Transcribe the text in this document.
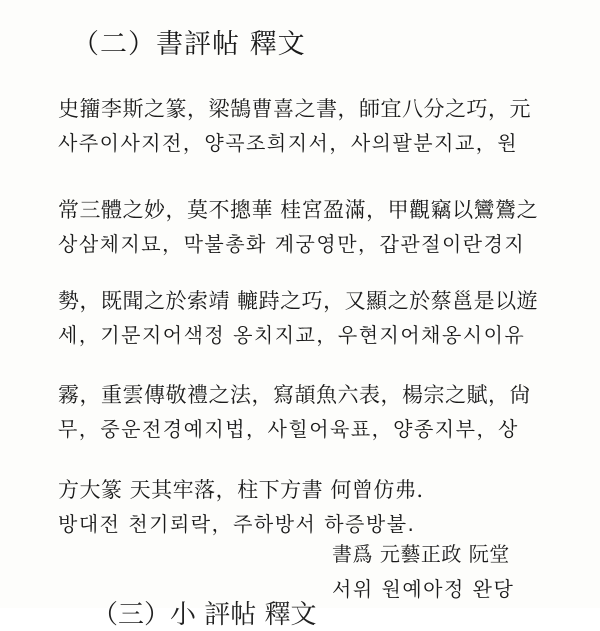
（二）書評帖 釋文
史籒李斯之篆，梁鵠曹喜之書，師宜八分之巧，元
사주이사지전，양곡조희지서，사의팔분지교，원
常三體之妙，莫不摠華 桂宮盈滿，甲觀竊以鸞鷟之
상삼체지묘，막불총화 계궁영만，갑관절이란경지
勢，既聞之於索靖 轆跱之巧，又顯之於蔡邕是以遊
세，기문지어색정 옹치지교，우현지어채옹시이유
霧，重雲傳敬禮之法，寫頡魚六表，楊宗之賦，尙
무，중운전경예지법，사힐어육표，양종지부，상
方大篆 天其牢落，柱下方書 何曾仿弗.
방대전 천기뢰락，주하방서 하증방불.
書爲 元藝正政 阮堂
서위 원예아정 완당
（三）小 評帖 釋文
